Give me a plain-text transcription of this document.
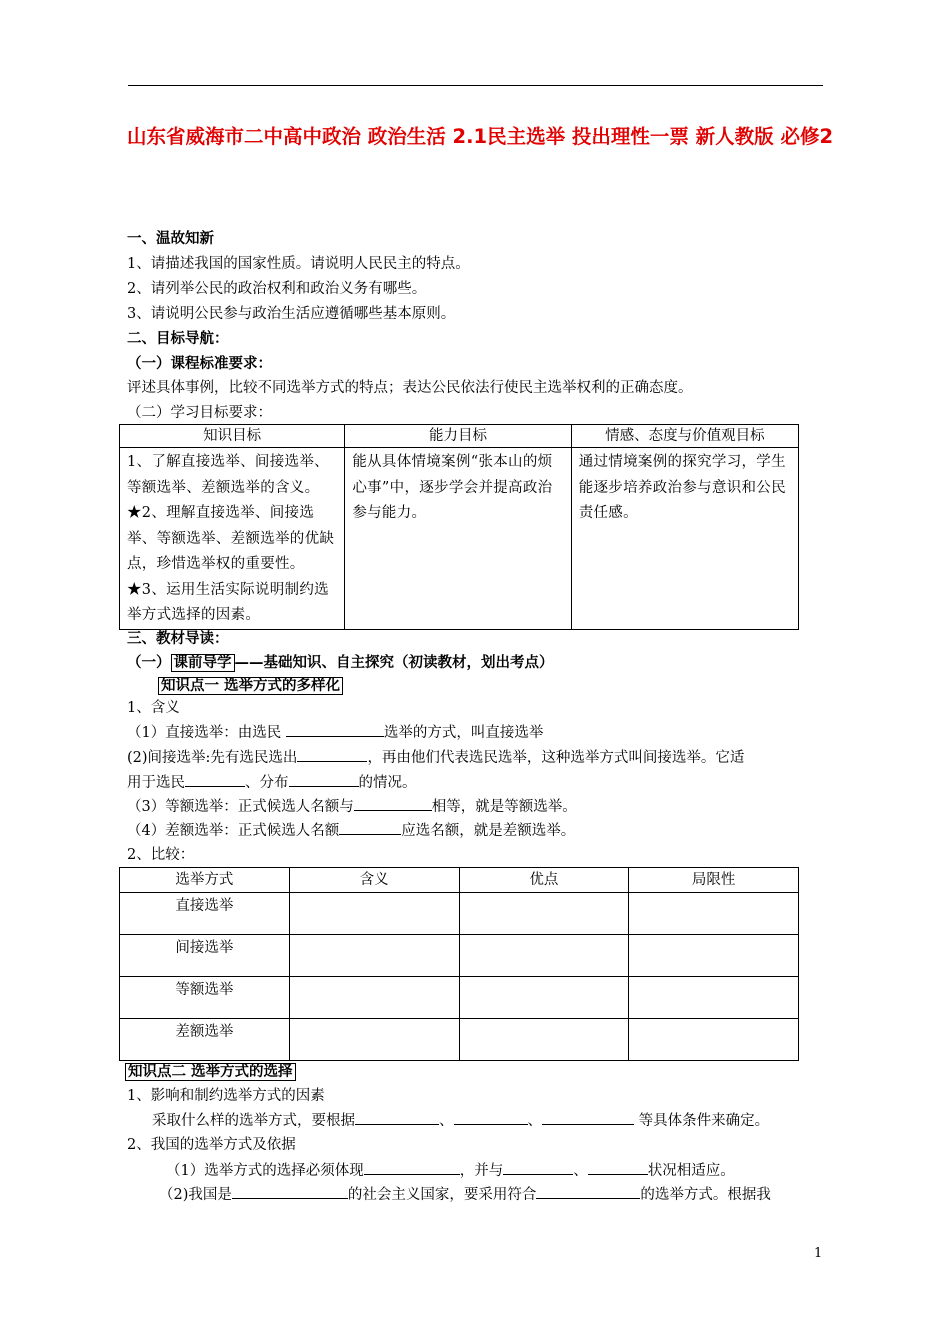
山东省威海市二中高中政治 政治生活 2.1民主选举 投出理性一票 新人教版 必修2
一、温故知新
1、请描述我国的国家性质。请说明人民民主的特点。
2、请列举公民的政治权利和政治义务有哪些。
3、请说明公民参与政治生活应遵循哪些基本原则。
二、目标导航：
（一）课程标准要求：
评述具体事例，比较不同选举方式的特点；表达公民依法行使民主选举权利的正确态度。
（二）学习目标要求：
知识目标	能力目标	情感、态度与价值观目标
1、了解直接选举、间接选举、等额选举、差额选举的含义。★2、理解直接选举、间接选举、等额选举、差额选举的优缺点，珍惜选举权的重要性。★3、运用生活实际说明制约选举方式选择的因素。	能从具体情境案例“张本山的烦心事”中，逐步学会并提高政治参与能力。	通过情境案例的探究学习，学生能逐步培养政治参与意识和公民责任感。
三、教材导读：
（一） 课前导学 ——基础知识、自主探究（初读教材，划出考点）
知识点一 选举方式的多样化
1、含义
（1）直接选举：由选民	选举的方式，叫直接选举
(2)间接选举:先有选民选出	，再由他们代表选民选举，这种选举方式叫间接选举。它适
用于选民	、分布	的情况。
（3）等额选举：正式候选人名额与	相等，就是等额选举。
（4）差额选举：正式候选人名额	应选名额，就是差额选举。
2、比较：
选举方式	含义	优点	局限性
直接选举			
间接选举			
等额选举			
差额选举			
知识点二 选举方式的选择
1、影响和制约选举方式的因素
采取什么样的选举方式，要根据	、	、	等具体条件来确定。
2、我国的选举方式及依据
（1）选举方式的选择必须体现	，并与	、	状况相适应。
（2)我国是	的社会主义国家，要采用符合	的选举方式。根据我
1
